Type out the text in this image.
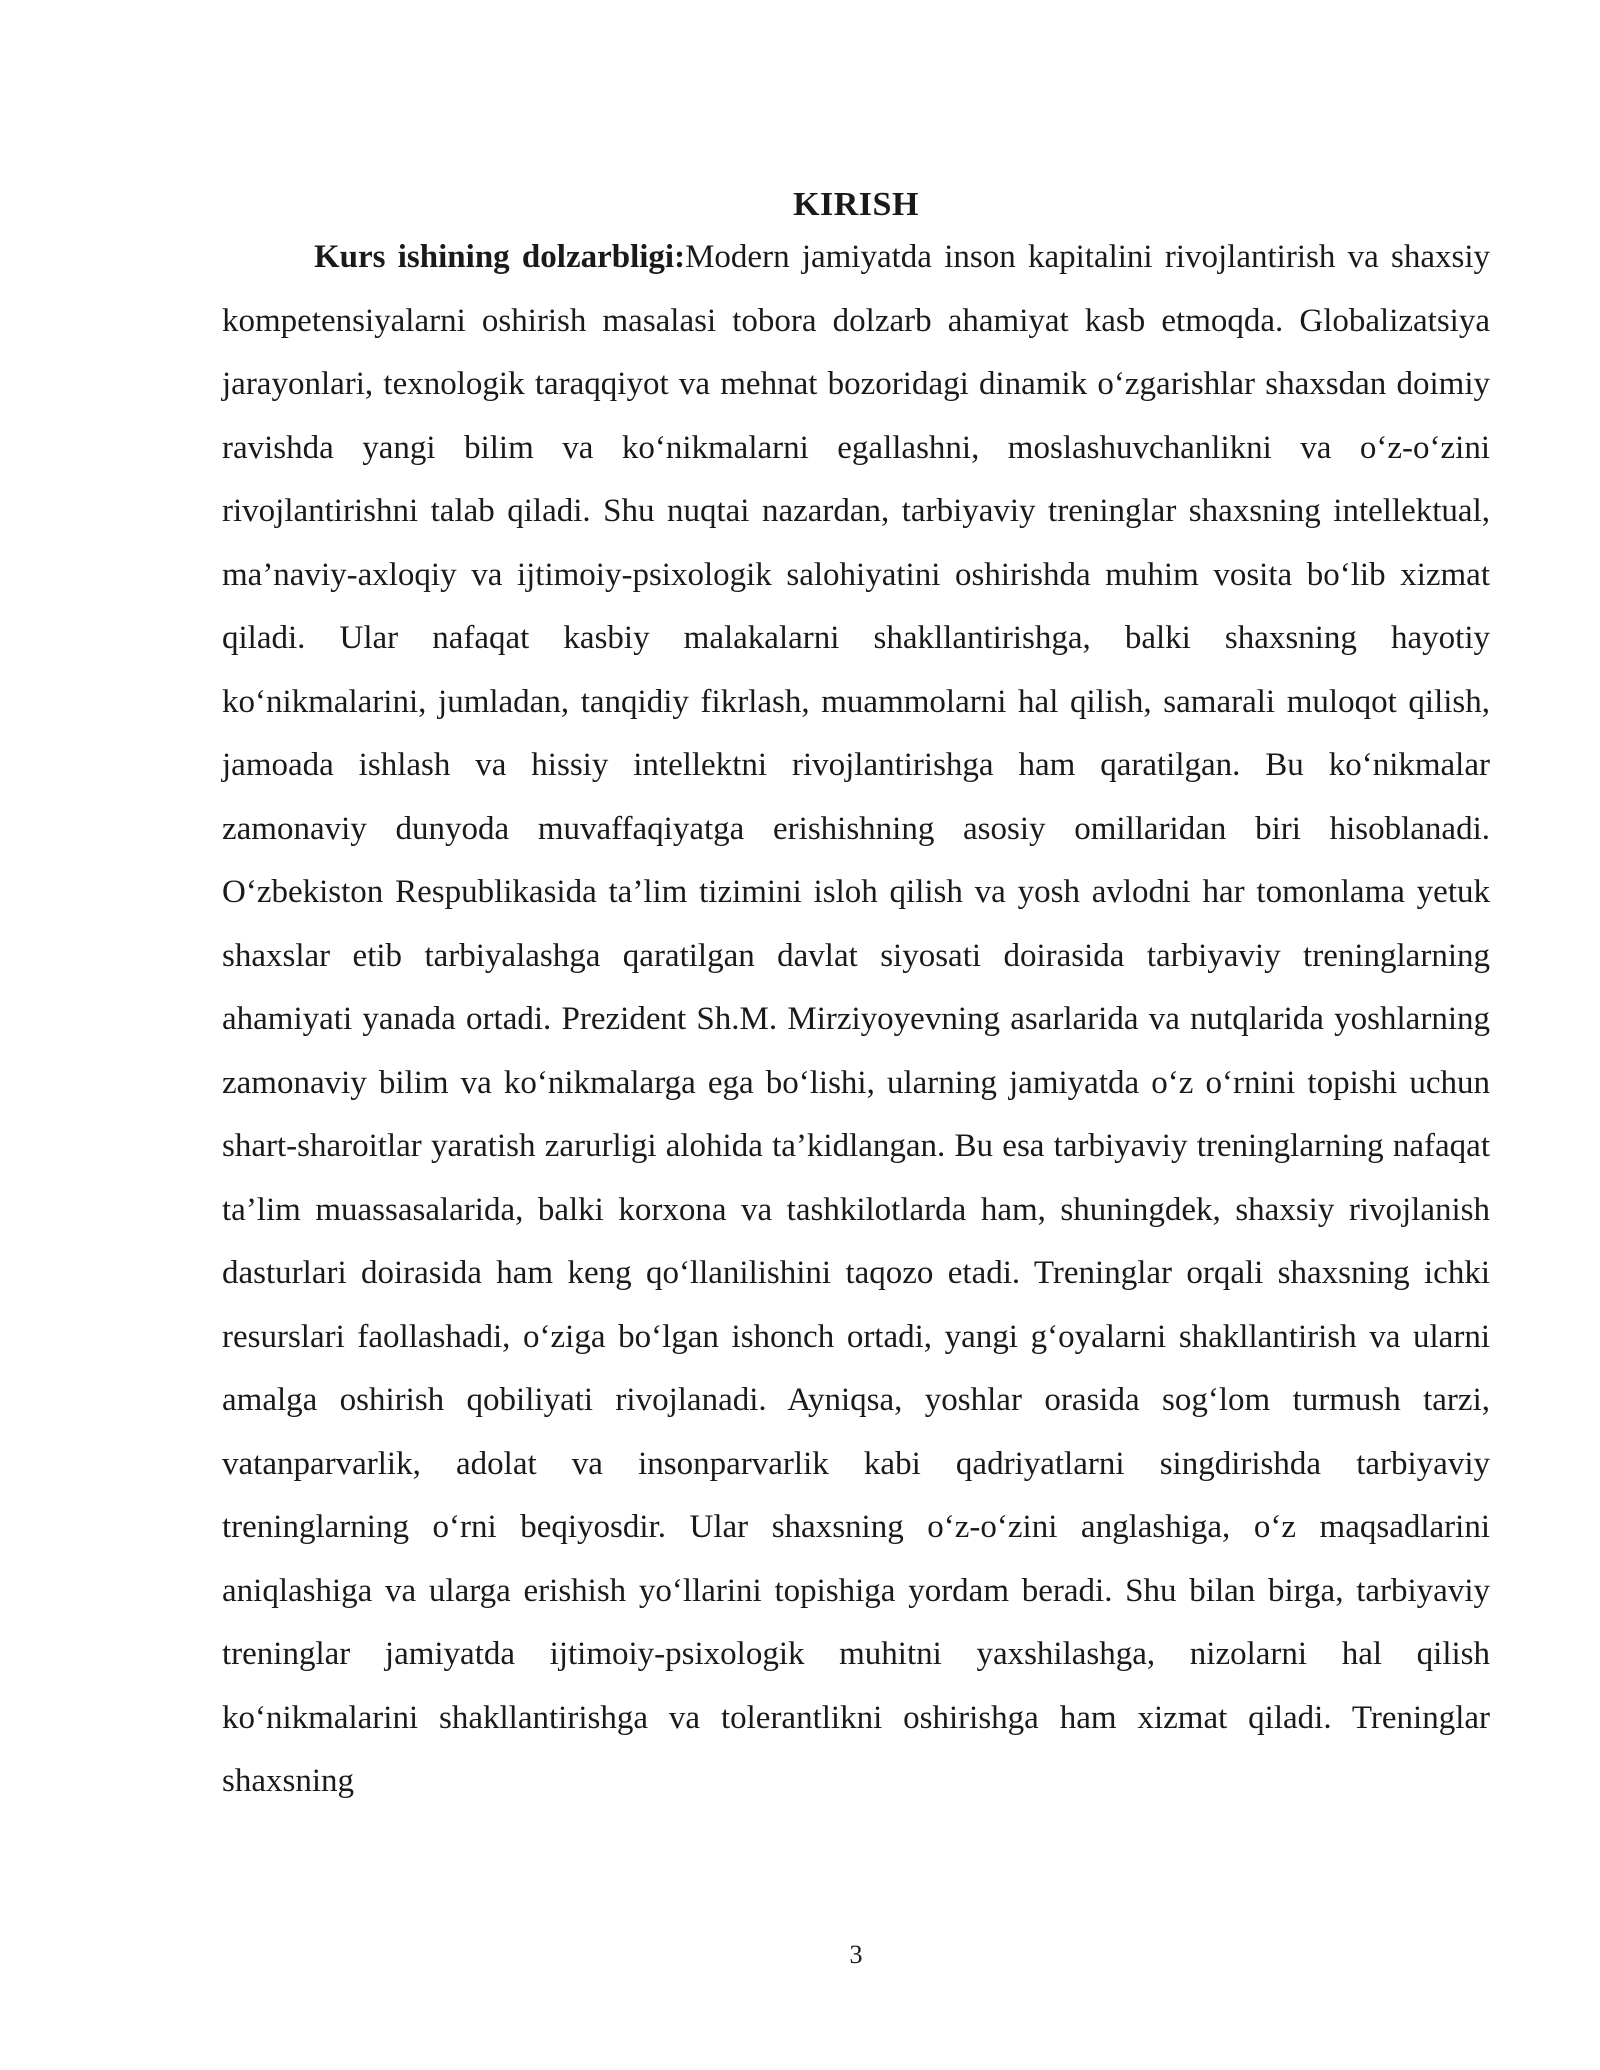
KIRISH

Kurs ishining dolzarbligi:Modern jamiyatda inson kapitalini rivojlantirish va shaxsiy kompetensiyalarni oshirish masalasi tobora dolzarb ahamiyat kasb etmoqda. Globalizatsiya jarayonlari, texnologik taraqqiyot va mehnat bozoridagi dinamik o‘zgarishlar shaxsdan doimiy ravishda yangi bilim va ko‘nikmalarni egallashni, moslashuvchanlikni va o‘z-o‘zini rivojlantirishni talab qiladi. Shu nuqtai nazardan, tarbiyaviy treninglar shaxsning intellektual, ma’naviy-axloqiy va ijtimoiy-psixologik salohiyatini oshirishda muhim vosita bo‘lib xizmat qiladi. Ular nafaqat kasbiy malakalarni shakllantirishga, balki shaxsning hayotiy ko‘nikmalarini, jumladan, tanqidiy fikrlash, muammolarni hal qilish, samarali muloqot qilish, jamoada ishlash va hissiy intellektni rivojlantirishga ham qaratilgan. Bu ko‘nikmalar zamonaviy dunyoda muvaffaqiyatga erishishning asosiy omillaridan biri hisoblanadi. O‘zbekiston Respublikasida ta’lim tizimini isloh qilish va yosh avlodni har tomonlama yetuk shaxslar etib tarbiyalashga qaratilgan davlat siyosati doirasida tarbiyaviy treninglarning ahamiyati yanada ortadi. Prezident Sh.M. Mirziyoyevning asarlarida va nutqlarida yoshlarning zamonaviy bilim va ko‘nikmalarga ega bo‘lishi, ularning jamiyatda o‘z o‘rnini topishi uchun shart-sharoitlar yaratish zarurligi alohida ta’kidlangan. Bu esa tarbiyaviy treninglarning nafaqat ta’lim muassasalarida, balki korxona va tashkilotlarda ham, shuningdek, shaxsiy rivojlanish dasturlari doirasida ham keng qo‘llanilishini taqozo etadi. Treninglar orqali shaxsning ichki resurslari faollashadi, o‘ziga bo‘lgan ishonch ortadi, yangi g‘oyalarni shakllantirish va ularni amalga oshirish qobiliyati rivojlanadi. Ayniqsa, yoshlar orasida sog‘lom turmush tarzi, vatanparvarlik, adolat va insonparvarlik kabi qadriyatlarni singdirishda tarbiyaviy treninglarning o‘rni beqiyosdir. Ular shaxsning o‘z-o‘zini anglashiga, o‘z maqsadlarini aniqlashiga va ularga erishish yo‘llarini topishiga yordam beradi. Shu bilan birga, tarbiyaviy treninglar jamiyatda ijtimoiy-psixologik muhitni yaxshilashga, nizolarni hal qilish ko‘nikmalarini shakllantirishga va tolerantlikni oshirishga ham xizmat qiladi. Treninglar shaxsning

3
